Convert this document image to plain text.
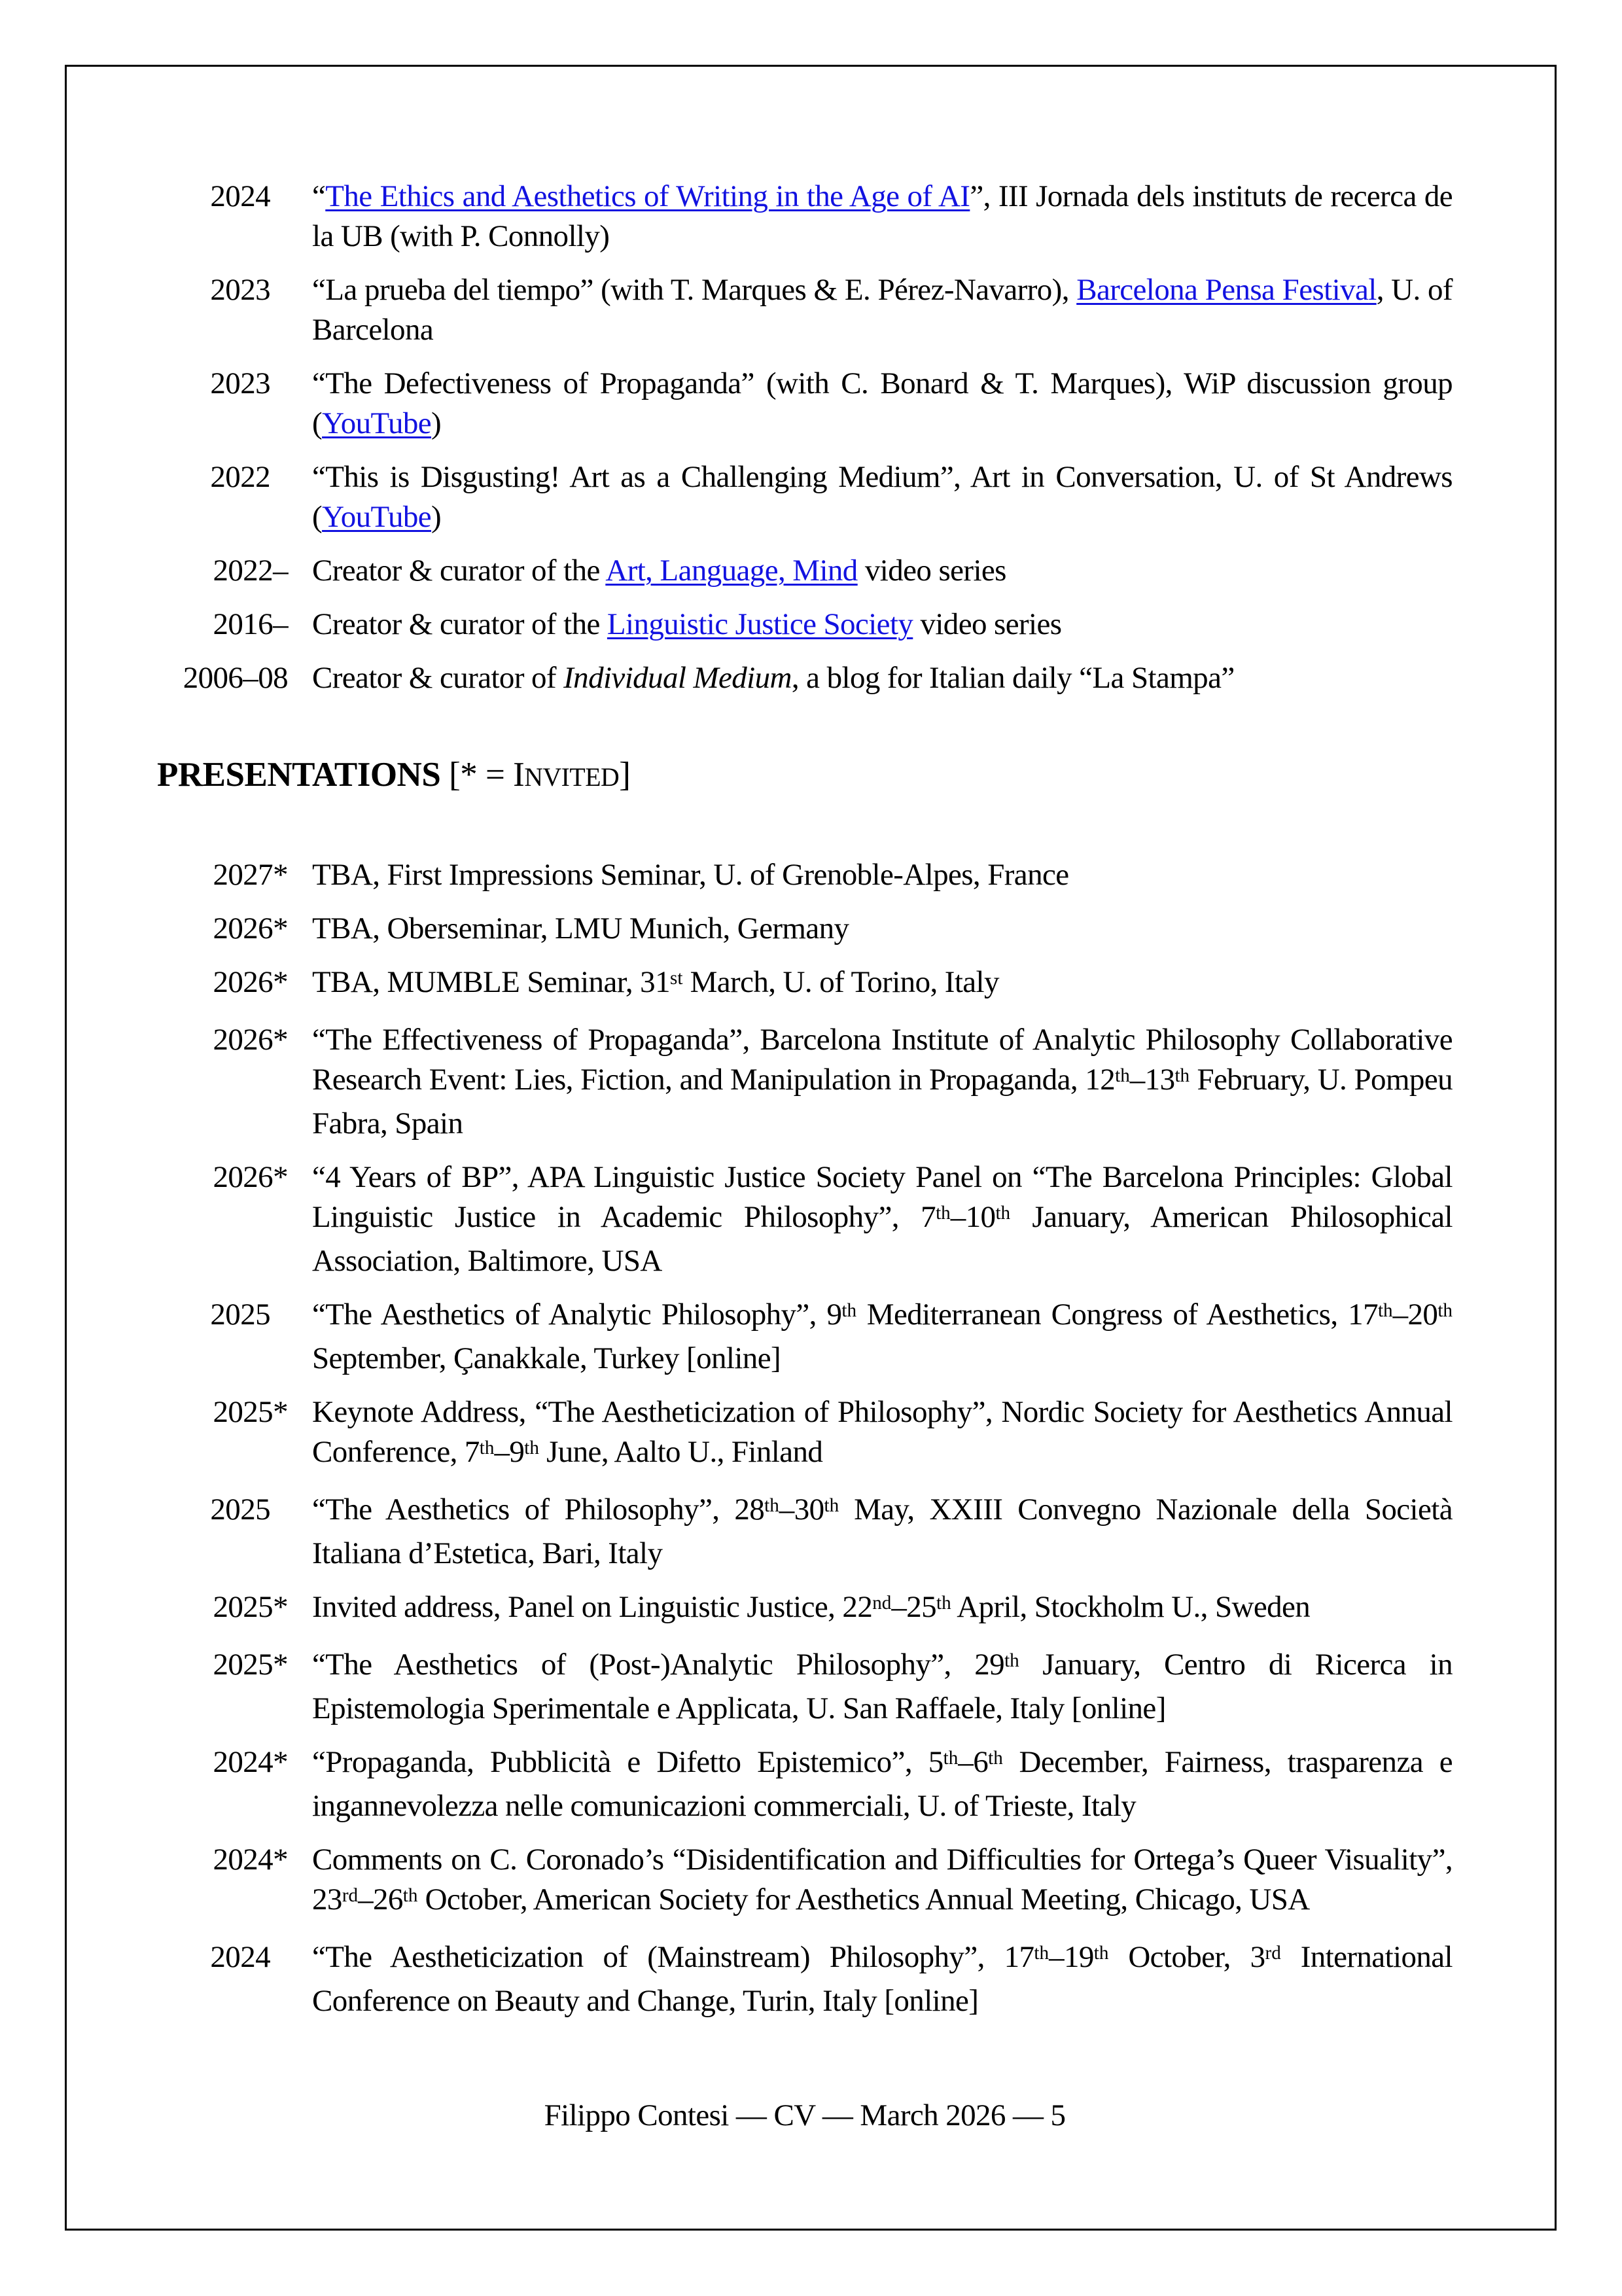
2024	“The Ethics and Aesthetics of Writing in the Age of AI”, III Jornada dels instituts de recerca de la UB (with P. Connolly)
2023	“La prueba del tiempo” (with T. Marques & E. Pérez-Navarro), Barcelona Pensa Festival, U. of Barcelona
2023	“The Defectiveness of Propaganda” (with C. Bonard & T. Marques), WiP discussion group (YouTube)
2022	“This is Disgusting! Art as a Challenging Medium”, Art in Conversation, U. of St Andrews (YouTube)
2022– Creator & curator of the Art, Language, Mind video series
2016– Creator & curator of the Linguistic Justice Society video series
2006–08 Creator & curator of Individual Medium, a blog for Italian daily “La Stampa”
PRESENTATIONS [* = INVITED]
2027* TBA, First Impressions Seminar, U. of Grenoble-Alpes, France
2026* TBA, Oberseminar, LMU Munich, Germany
2026* TBA, MUMBLE Seminar, 31st March, U. of Torino, Italy
2026* “The Effectiveness of Propaganda”, Barcelona Institute of Analytic Philosophy Collaborative Research Event: Lies, Fiction, and Manipulation in Propaganda, 12th–13th February, U. Pompeu Fabra, Spain
2026* “4 Years of BP”, APA Linguistic Justice Society Panel on “The Barcelona Principles: Global Linguistic Justice in Academic Philosophy”, 7th–10th January, American Philosophical Association, Baltimore, USA
2025	“The Aesthetics of Analytic Philosophy”, 9th Mediterranean Congress of Aesthetics, 17th–20th September, Çanakkale, Turkey [online]
2025* Keynote Address, “The Aestheticization of Philosophy”, Nordic Society for Aesthetics Annual Conference, 7th–9th June, Aalto U., Finland
2025	“The Aesthetics of Philosophy”, 28th–30th May, XXIII Convegno Nazionale della Società Italiana d’Estetica, Bari, Italy
2025* Invited address, Panel on Linguistic Justice, 22nd–25th April, Stockholm U., Sweden
2025* “The Aesthetics of (Post-)Analytic Philosophy”, 29th January, Centro di Ricerca in Epistemologia Sperimentale e Applicata, U. San Raffaele, Italy [online]
2024* “Propaganda, Pubblicità e Difetto Epistemico”, 5th–6th December, Fairness, trasparenza e ingannevolezza nelle comunicazioni commerciali, U. of Trieste, Italy
2024* Comments on C. Coronado’s “Disidentification and Difficulties for Ortega’s Queer Visuality”, 23rd–26th October, American Society for Aesthetics Annual Meeting, Chicago, USA
2024	“The Aestheticization of (Mainstream) Philosophy”, 17th–19th October, 3rd International Conference on Beauty and Change, Turin, Italy [online]
Filippo Contesi — CV — March 2026 — 5
